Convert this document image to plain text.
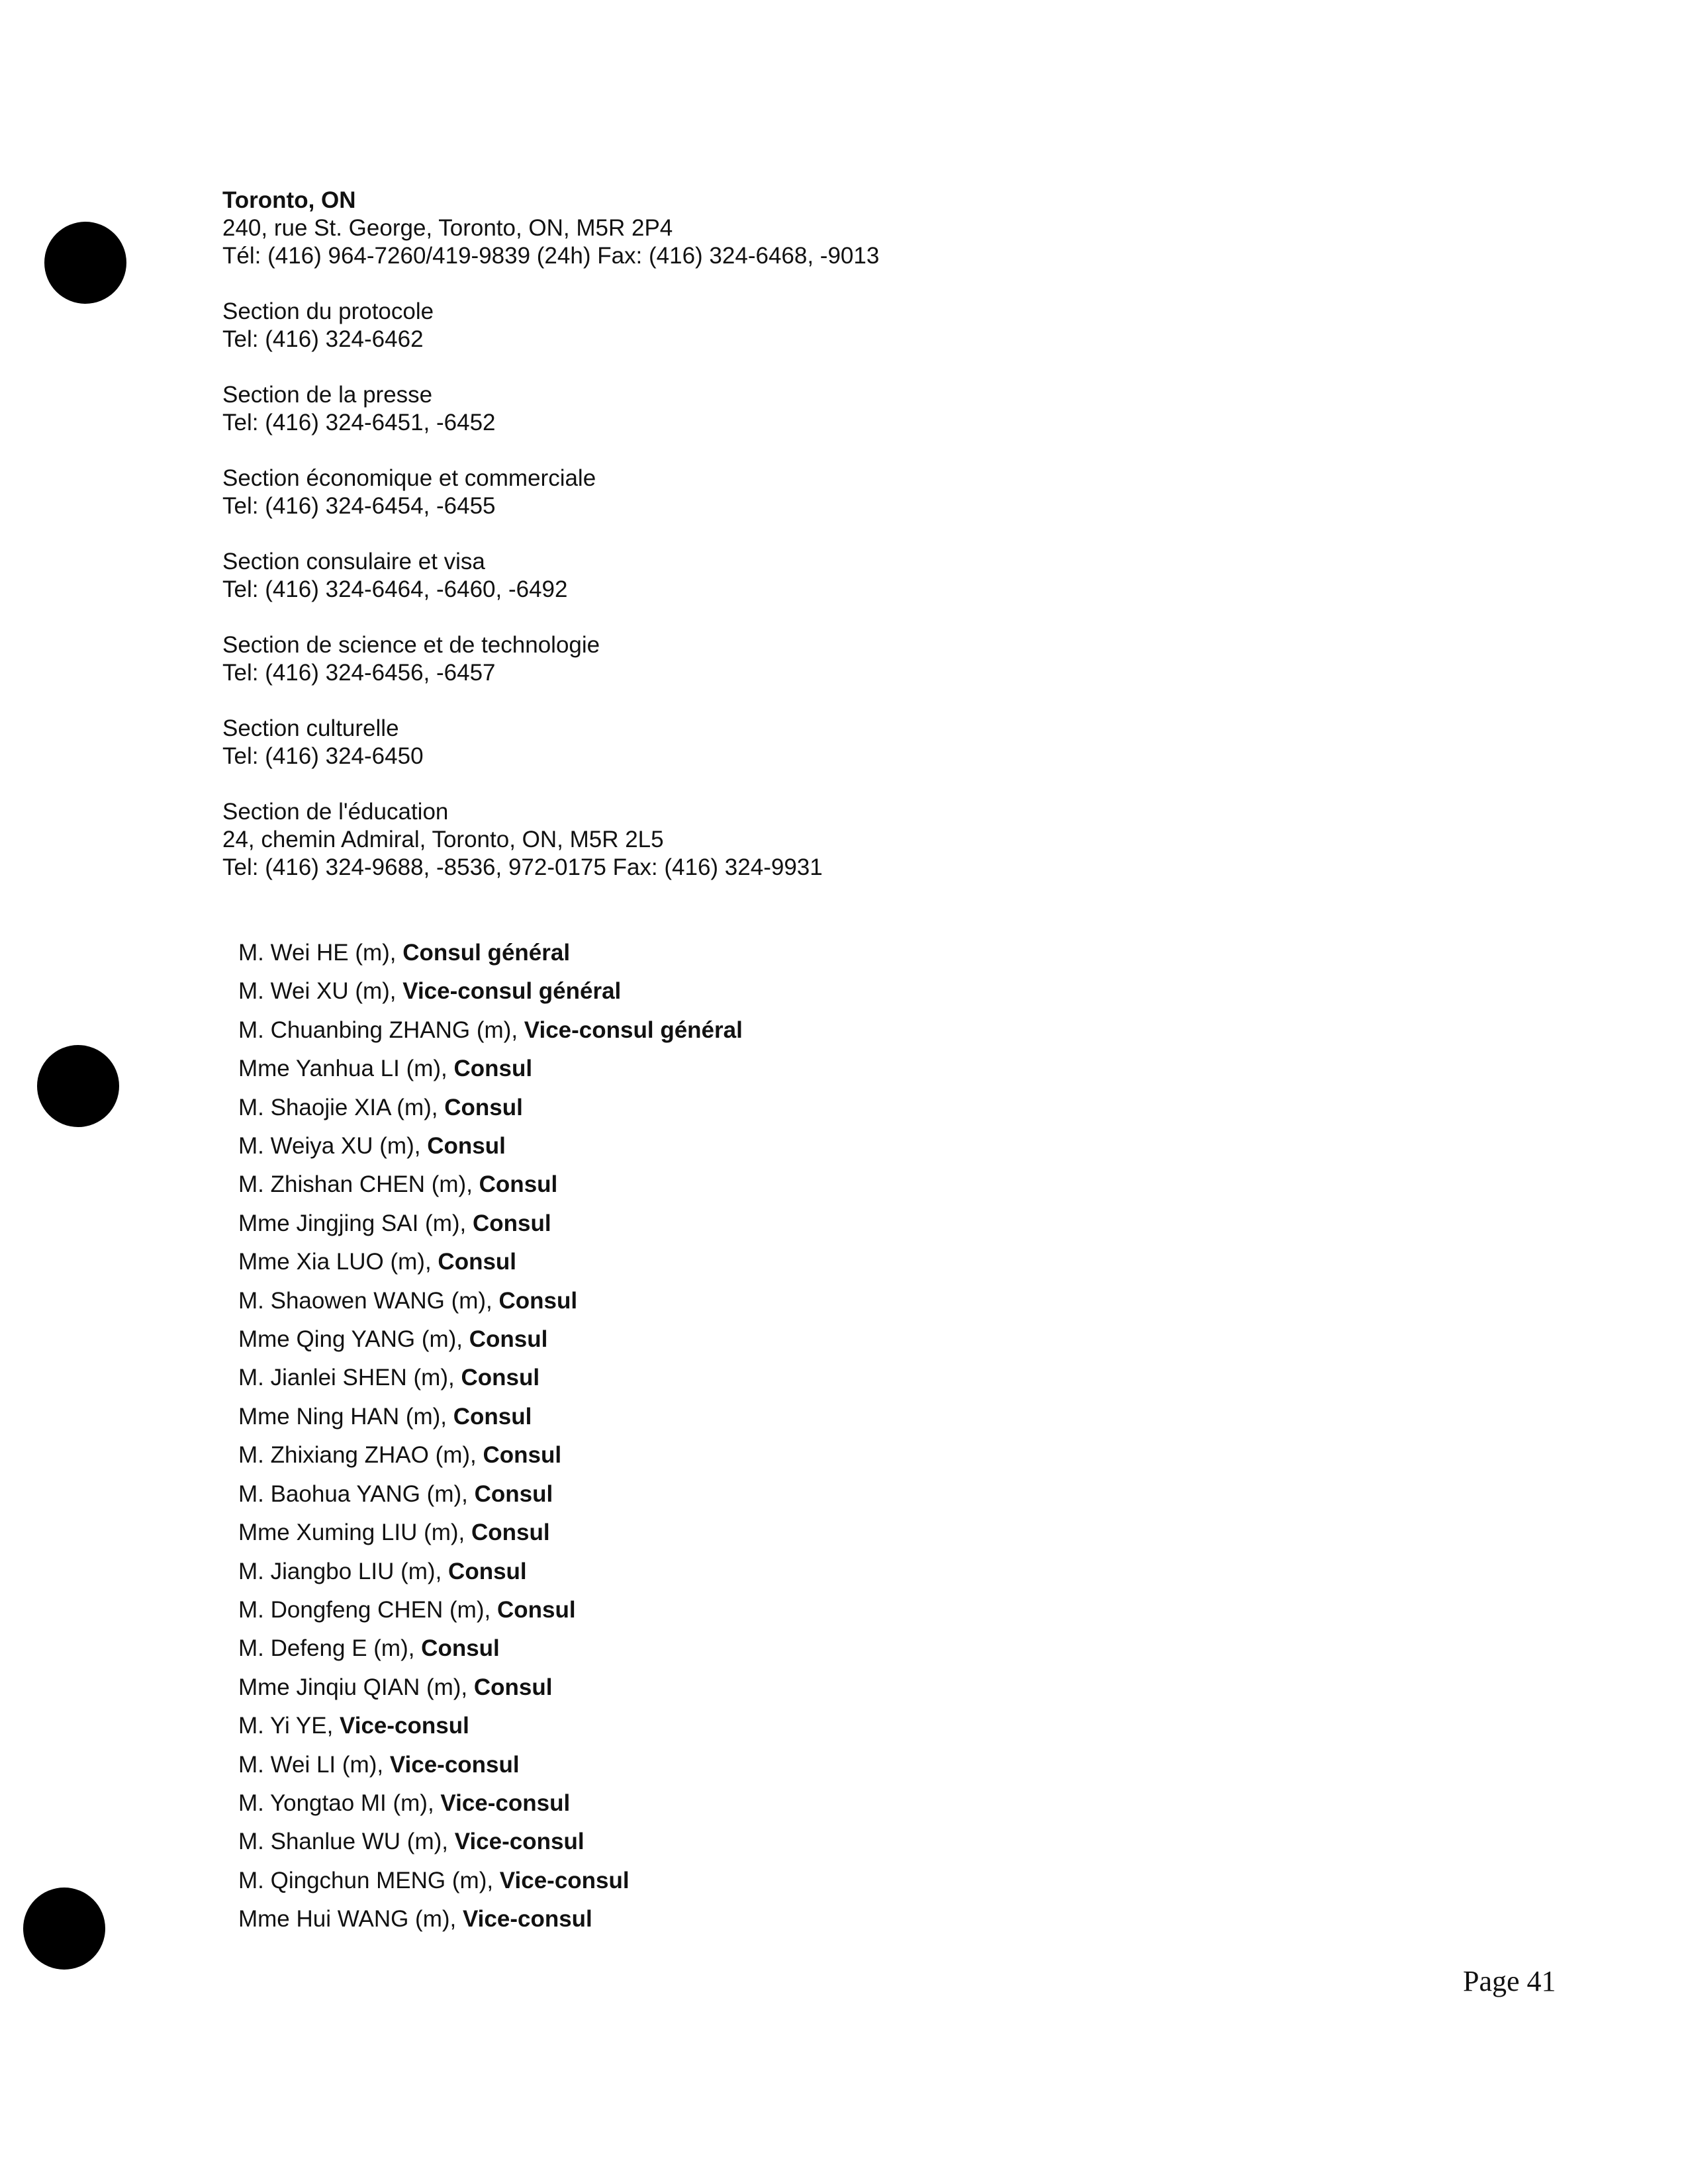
Toronto, ON
240, rue St. George, Toronto, ON, M5R 2P4
Tél: (416) 964-7260/419-9839 (24h) Fax: (416) 324-6468, -9013
Section du protocole
Tel: (416) 324-6462
Section de la presse
Tel: (416) 324-6451, -6452
Section économique et commerciale
Tel: (416) 324-6454, -6455
Section consulaire et visa
Tel: (416) 324-6464, -6460, -6492
Section de science et de technologie
Tel: (416) 324-6456, -6457
Section culturelle
Tel: (416) 324-6450
Section de l'éducation
24, chemin Admiral, Toronto, ON, M5R 2L5
Tel: (416) 324-9688, -8536, 972-0175 Fax: (416) 324-9931
M. Wei HE (m), Consul général
M. Wei XU (m), Vice-consul général
M. Chuanbing ZHANG (m), Vice-consul général
Mme Yanhua LI (m), Consul
M. Shaojie XIA (m), Consul
M. Weiya XU (m), Consul
M. Zhishan CHEN (m), Consul
Mme Jingjing SAI (m), Consul
Mme Xia LUO (m), Consul
M. Shaowen WANG (m), Consul
Mme Qing YANG (m), Consul
M. Jianlei SHEN (m), Consul
Mme Ning HAN (m), Consul
M. Zhixiang ZHAO (m), Consul
M. Baohua YANG (m), Consul
Mme Xuming LIU (m), Consul
M. Jiangbo LIU (m), Consul
M. Dongfeng CHEN (m), Consul
M. Defeng E (m), Consul
Mme Jinqiu QIAN (m), Consul
M. Yi YE, Vice-consul
M. Wei LI (m), Vice-consul
M. Yongtao MI (m), Vice-consul
M. Shanlue WU (m), Vice-consul
M. Qingchun MENG (m), Vice-consul
Mme Hui WANG (m), Vice-consul
Page 41
